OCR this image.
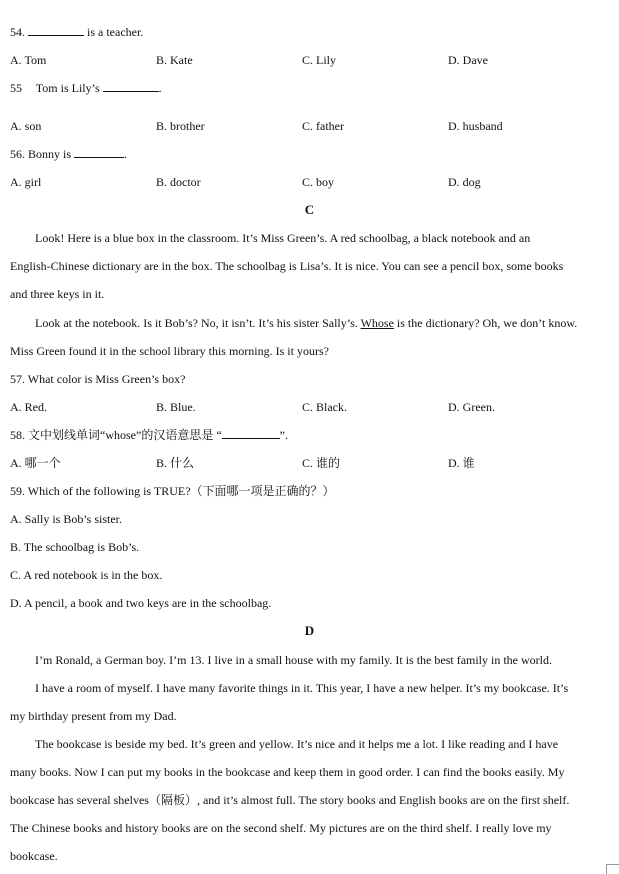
54.	is a teacher.
A. Tom	B. Kate	C. Lily	D. Dave
55 Tom is Lily’s	.
A. son	B. brother	C. father	D. husband
56. Bonny is	.
A. girl	B. doctor	C. boy	D. dog
C
Look! Here is a blue box in the classroom. It’s Miss Green’s. A red schoolbag, a black notebook and an
English-Chinese dictionary are in the box. The schoolbag is Lisa’s. It is nice. You can see a pencil box, some books
and three keys in it.
Look at the notebook. Is it Bob’s? No, it isn’t. It’s his sister Sally’s. Whose is the dictionary? Oh, we don’t know.
Miss Green found it in the school library this morning. Is it yours?
57. What color is Miss Green’s box?
A. Red.	B. Blue.	C. Black.	D. Green.
58. 文中划线单词“whose”的汉语意思是 “	”.
A. 哪一个	B. 什么	C. 谁的	D. 谁
59. Which of the following is TRUE?（下面哪一项是正确的？）
A. Sally is Bob’s sister.
B. The schoolbag is Bob’s.
C. A red notebook is in the box.
D. A pencil, a book and two keys are in the schoolbag.
D
I’m Ronald, a German boy. I’m 13. I live in a small house with my family. It is the best family in the world.
I have a room of myself. I have many favorite things in it. This year, I have a new helper. It’s my bookcase. It’s
my birthday present from my Dad.
The bookcase is beside my bed. It’s green and yellow. It’s nice and it helps me a lot. I like reading and I have
many books. Now I can put my books in the bookcase and keep them in good order. I can find the books easily. My
bookcase has several shelves（隔板）, and it’s almost full. The story books and English books are on the first shelf.
The Chinese books and history books are on the second shelf. My pictures are on the third shelf. I really love my
bookcase.
